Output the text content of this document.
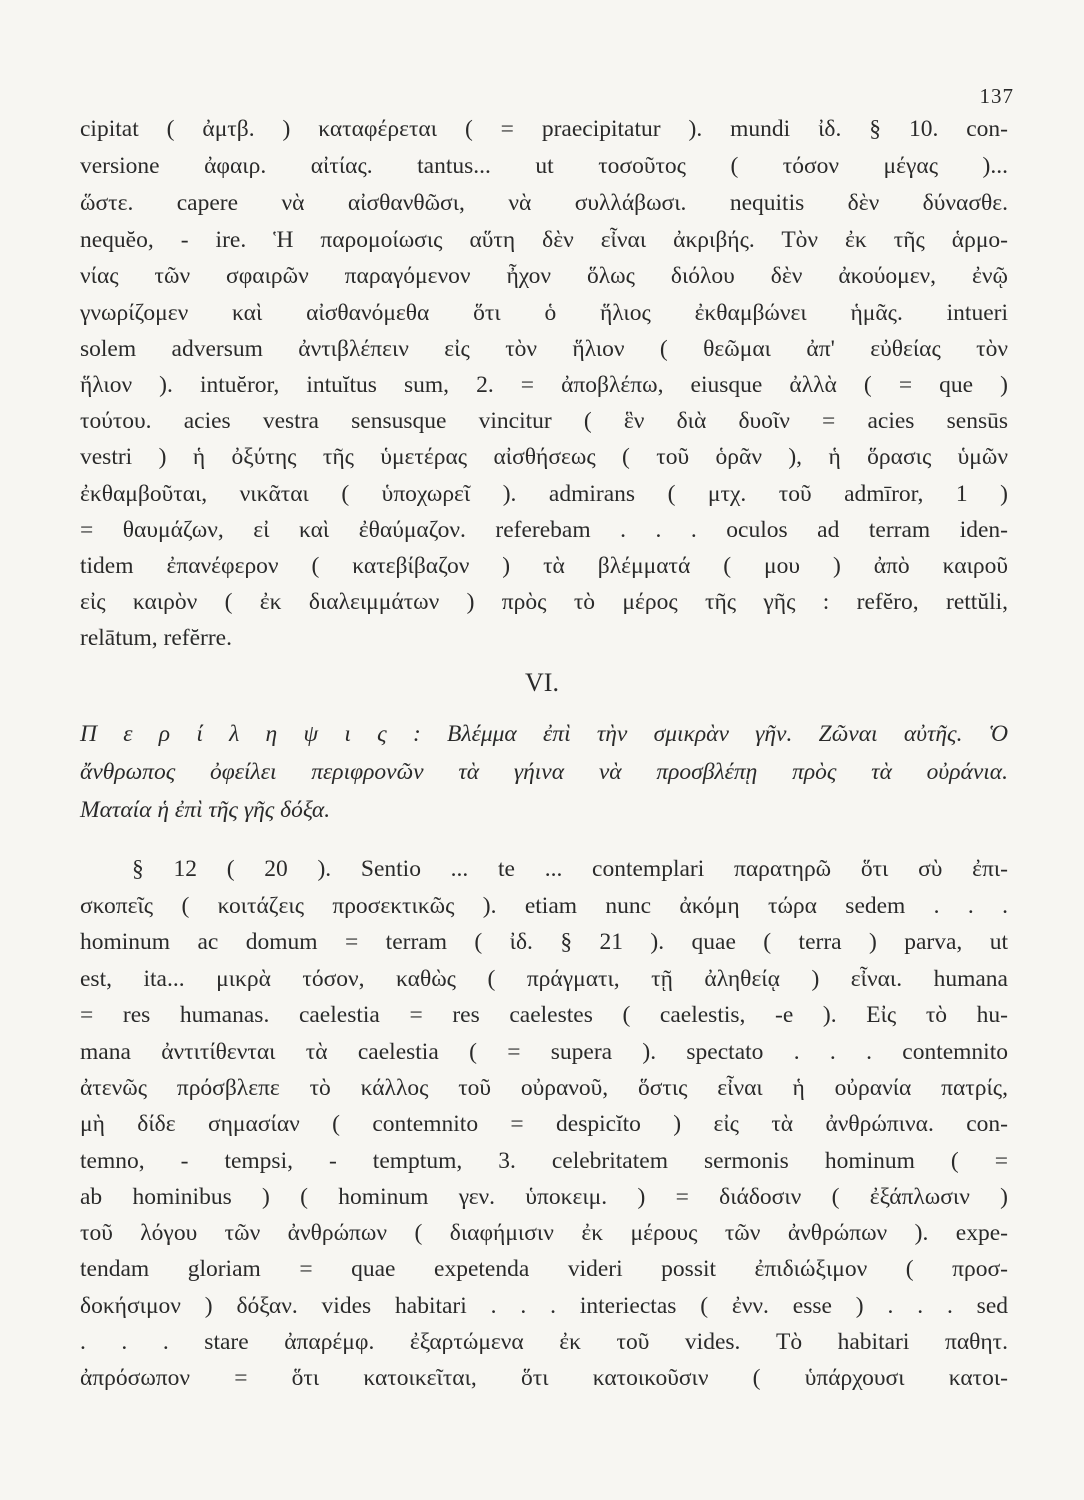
137
cipitat ( ἀμτβ. ) καταφέρεται ( = praecipitatur ). mundi ἰδ. § 10. con-
versione ἀφαιρ. αἰτίας. tantus... ut τοσοῦτος ( τόσον μέγας )...
ὥστε. capere νὰ αἰσθανθῶσι, νὰ συλλάβωσι. nequitis δὲν δύνασθε.
nequĕo, - ire. Ἡ παρομοίωσις αὕτη δὲν εἶναι ἀκριβής. Τὸν ἐκ τῆς ἁρμο-
νίας τῶν σφαιρῶν παραγόμενον ἦχον ὅλως διόλου δὲν ἀκούομεν, ἐνῷ
γνωρίζομεν καὶ αἰσθανόμεθα ὅτι ὁ ἥλιος ἐκθαμβώνει ἡμᾶς. intueri
solem adversum ἀντιβλέπειν εἰς τὸν ἥλιον ( θεῶμαι ἀπ' εὐθείας τὸν
ἥλιον ). intuĕror, intuĭtus sum, 2. = ἀποβλέπω, eiusque ἀλλὰ ( = que )
τούτου. acies vestra sensusque vincitur ( ἓν διὰ δυοῖν = acies sensūs
vestri ) ἡ ὀξύτης τῆς ὑμετέρας αἰσθήσεως ( τοῦ ὁρᾶν ), ἡ ὅρασις ὑμῶν
ἐκθαμβοῦται, νικᾶται ( ὑποχωρεῖ ). admirans ( μτχ. τοῦ admīror, 1 )
= θαυμάζων, εἰ καὶ ἐθαύμαζον. referebam . . . oculos ad terram iden-
tidem ἐπανέφερον ( κατεβίβαζον ) τὰ βλέμματά ( μου ) ἀπὸ καιροῦ
εἰς καιρὸν ( ἐκ διαλειμμάτων ) πρὸς τὸ μέρος τῆς γῆς : refĕro, rettŭli,
relātum, refĕrre.
VI.
Π ε ρ ί λ η ψ ι ς : Βλέμμα ἐπὶ τὴν σμικρὰν γῆν. Ζῶναι αὐτῆς. Ὁ
ἄνθρωπος ὀφείλει περιφρονῶν τὰ γήινα νὰ προσβλέπῃ πρὸς τὰ οὐράνια.
Ματαία ἡ ἐπὶ τῆς γῆς δόξα.
§ 12 ( 20 ). Sentio ... te ... contemplari παρατηρῶ ὅτι σὺ ἐπι-
σκοπεῖς ( κοιτάζεις προσεκτικῶς ). etiam nunc ἀκόμη τώρα sedem . . .
hominum ac domum = terram ( ἰδ. § 21 ). quae ( terra ) parva, ut
est, ita... μικρὰ τόσον, καθὼς ( πράγματι, τῇ ἀληθείᾳ ) εἶναι. humana
= res humanas. caelestia = res caelestes ( caelestis, -e ). Εἰς τὸ hu-
mana ἀντιτίθενται τὰ caelestia ( = supera ). spectato . . . contemnito
ἀτενῶς πρόσβλεπε τὸ κάλλος τοῦ οὐρανοῦ, ὅστις εἶναι ἡ οὐρανία πατρίς,
μὴ δίδε σημασίαν ( contemnito = despicĭto ) εἰς τὰ ἀνθρώπινα. con-
temno, - tempsi, - temptum, 3. celebritatem sermonis hominum ( =
ab hominibus ) ( hominum γεν. ὑποκειμ. ) = διάδοσιν ( ἐξάπλωσιν )
τοῦ λόγου τῶν ἀνθρώπων ( διαφήμισιν ἐκ μέρους τῶν ἀνθρώπων ). expe-
tendam gloriam = quae expetenda videri possit ἐπιδιώξιμον ( προσ-
δοκήσιμον ) δόξαν. vides habitari . . . interiectas ( ἐνν. esse ) . . . sed
. . . stare ἀπαρέμφ. ἐξαρτώμενα ἐκ τοῦ vides. Τὸ habitari παθητ.
ἀπρόσωπον = ὅτι κατοικεῖται, ὅτι κατοικοῦσιν ( ὑπάρχουσι κατοι-
